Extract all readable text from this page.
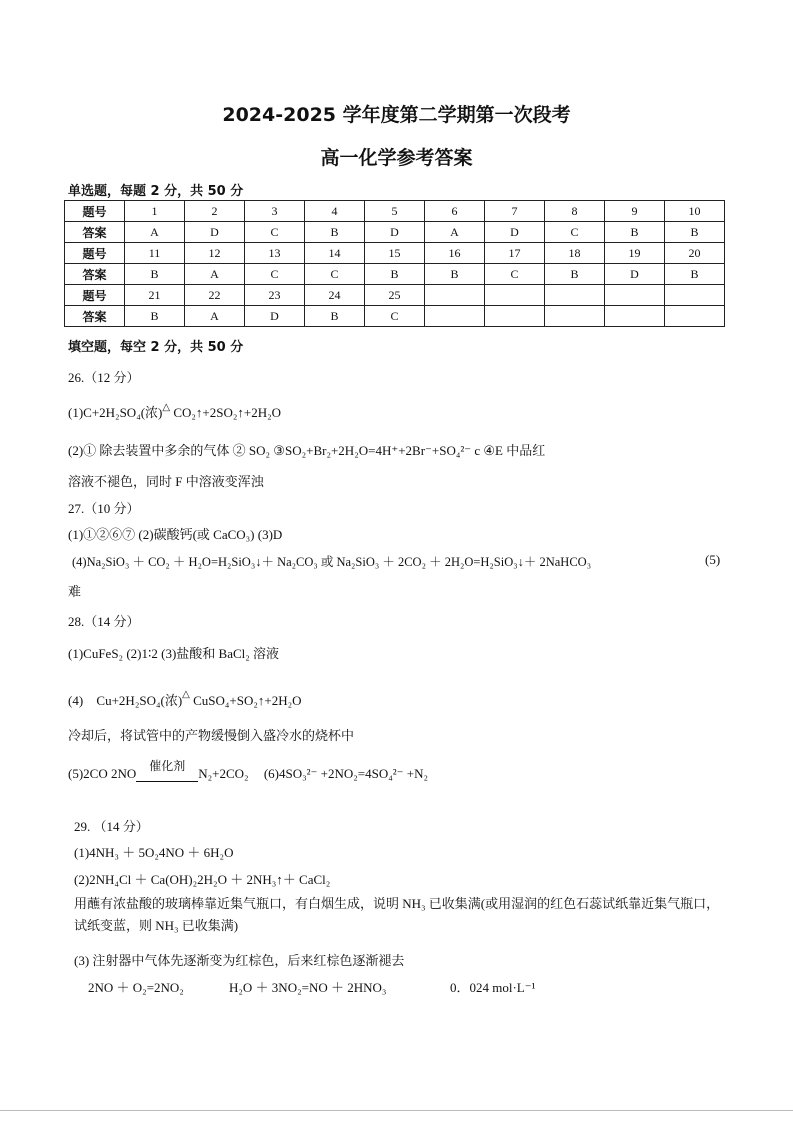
2024-2025 学年度第二学期第一次段考
高一化学参考答案
单选题，每题 2 分，共 50 分
题号	1	2	3	4	5	6	7	8	9	10
答案	A	D	C	B	D	A	D	C	B	B
题号	11	12	13	14	15	16	17	18	19	20
答案	B	A	C	C	B	B	C	B	D	B
题号	21	22	23	24	25					
答案	B	A	D	B	C					
填空题，每空 2 分，共 50 分
26.（12 分）
(1)C+2H₂SO₄(浓)△ CO₂↑+2SO₂↑+2H₂O
(2)① 除去装置中多余的气体 ② SO₂ ③SO₂+Br₂+2H₂O=4H⁺+2Br⁻+SO₄²⁻ c ④E 中品红
溶液不褪色，同时 F 中溶液变浑浊
27.（10 分）
(1)①②⑥⑦ (2)碳酸钙(或 CaCO₃) (3)D
(4)Na₂SiO₃ ＋ CO₂ ＋ H₂O=H₂SiO₃↓＋ Na₂CO₃ 或 Na₂SiO₃ ＋ 2CO₂ ＋ 2H₂O=H₂SiO₃↓＋ 2NaHCO₃	(5)
难
28.（14 分）
(1)CuFeS₂ (2)1∶2 (3)盐酸和 BaCl₂ 溶液
(4) Cu+2H₂SO₄(浓)△ CuSO₄+SO₂↑+2H₂O
冷却后，将试管中的产物缓慢倒入盛冷水的烧杯中
(5)2CO 2NO	催化剂	N₂+2CO₂ (6)4SO₃²⁻ +2NO₂=4SO₄²⁻ +N₂
29. （14 分）
(1)4NH₃ ＋ 5O₂4NO ＋ 6H₂O
(2)2NH₄Cl ＋ Ca(OH)₂2H₂O ＋ 2NH₃↑＋ CaCl₂
用蘸有浓盐酸的玻璃棒靠近集气瓶口，有白烟生成，说明 NH₃ 已收集满(或用湿润的红色石蕊试纸靠近集气瓶口，试纸变蓝，则 NH₃ 已收集满)
(3) 注射器中气体先逐渐变为红棕色，后来红棕色逐渐褪去
2NO ＋ O₂=2NO₂	H₂O ＋ 3NO₂=NO ＋ 2HNO₃	0．024 mol·L⁻¹
